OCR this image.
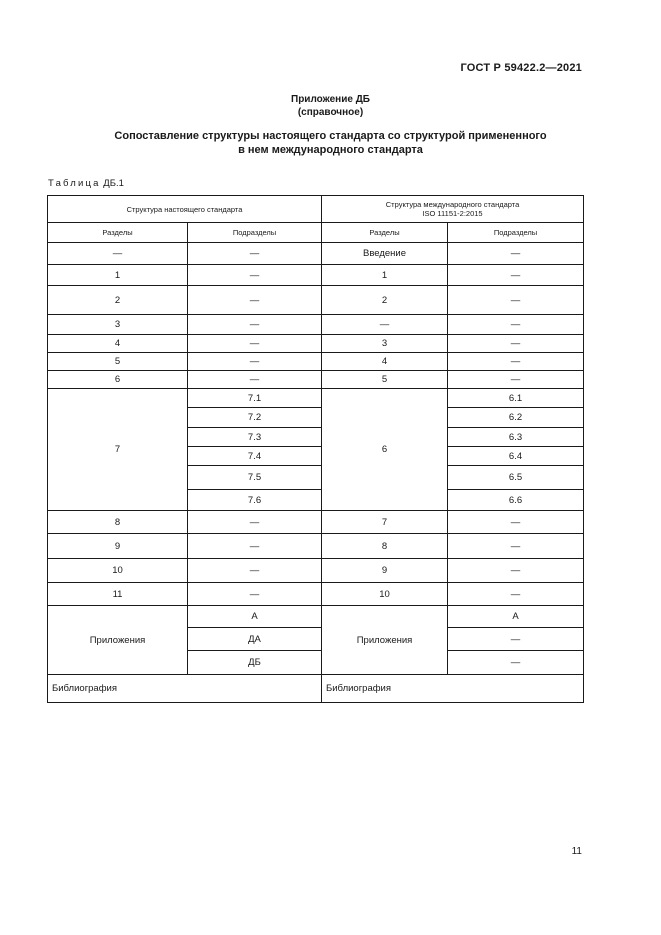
ГОСТ Р 59422.2—2021
Приложение ДБ
(справочное)
Сопоставление структуры настоящего стандарта со структурой примененного
в нем международного стандарта
Таблица ДБ.1
Структура настоящего стандарта		Структура международного стандарта
ISO 11151-2:2015	

Разделы	Подразделы	Разделы	Подразделы
—	—	Введение	—
1	—	1	—
2	—	2	—
3	—	—	—
4	—	3	—
5	—	4	—
6	—	5	—
7	7.1	6	6.1
	7.2		6.2
	7.3		6.3
	7.4		6.4
	7.5		6.5
	7.6		6.6
8	—	7	—
9	—	8	—
10	—	9	—
11	—	10	—
Приложения	А	Приложения	А
	ДА		—
	ДБ		—
Библиография		Библиография	
11
